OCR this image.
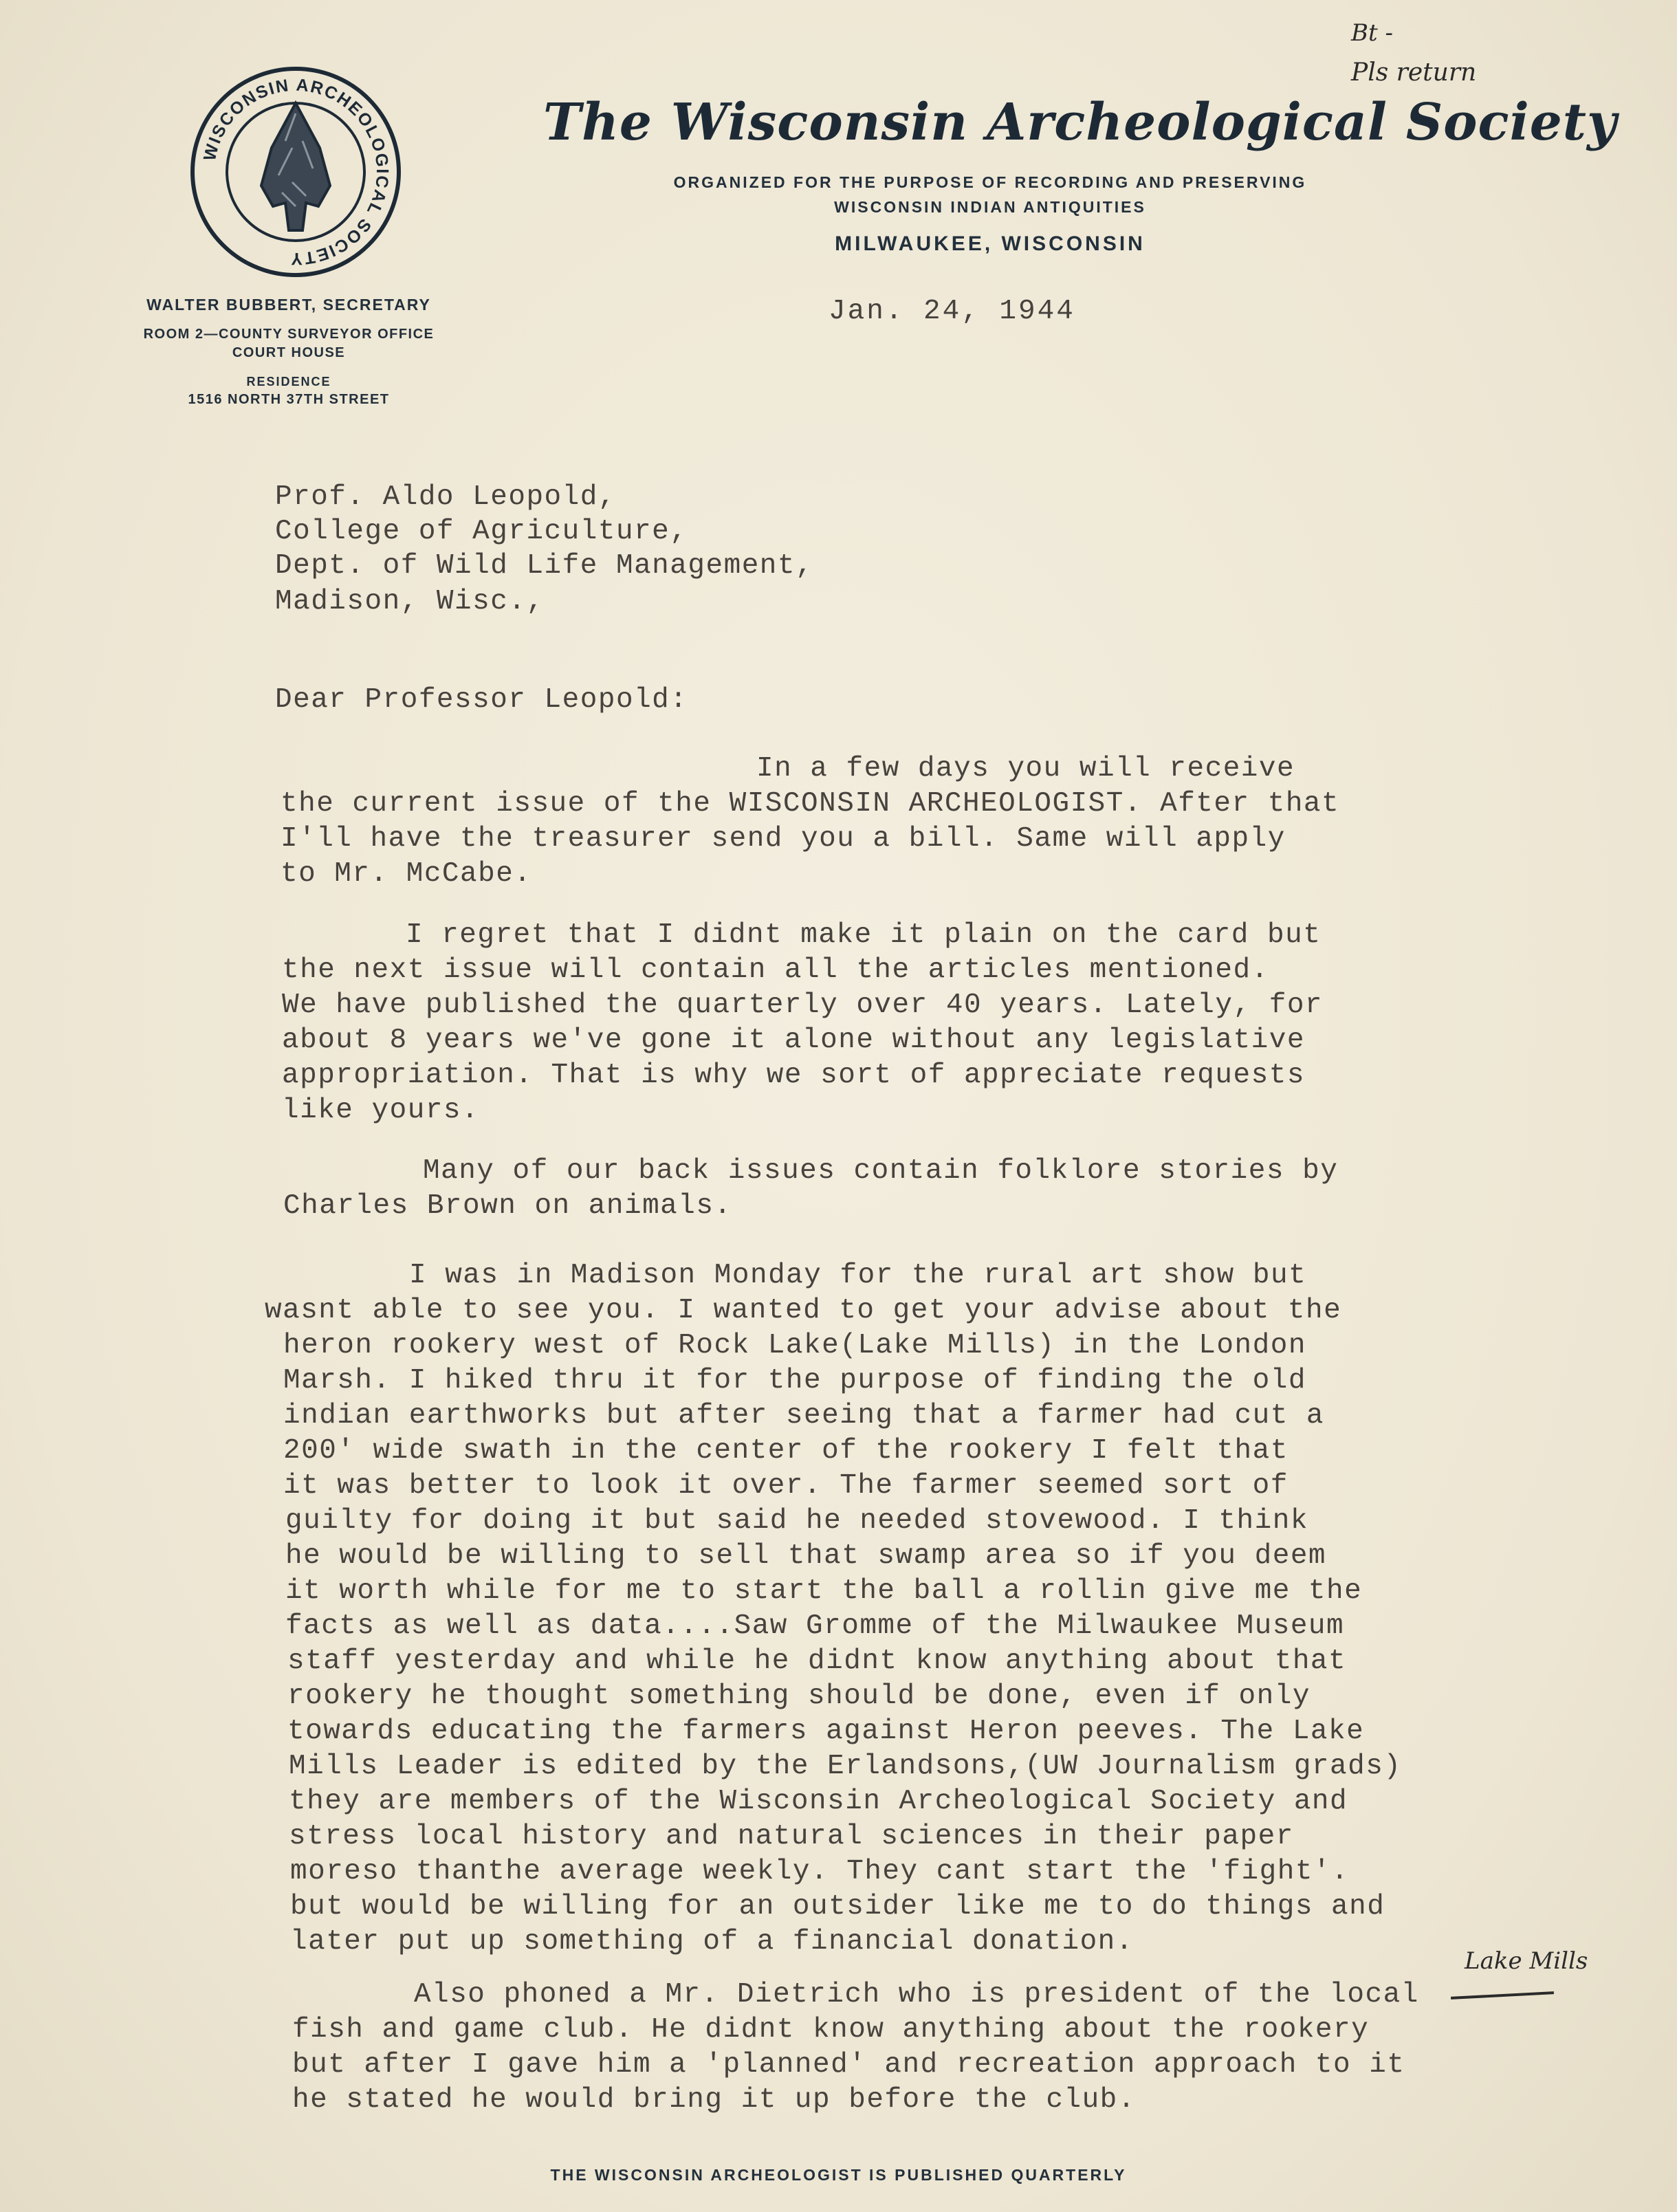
WISCONSIN ARCHEOLOGICAL SOCIETY
The Wisconsin Archeological Society
ORGANIZED FOR THE PURPOSE OF RECORDING AND PRESERVING
WISCONSIN INDIAN ANTIQUITIES
MILWAUKEE, WISCONSIN
WALTER BUBBERT, SECRETARY
ROOM 2—COUNTY SURVEYOR OFFICE
COURT HOUSE
RESIDENCE
1516 NORTH 37TH STREET
Bt -
Pls return
Jan. 24, 1944
Prof. Aldo Leopold,
College of Agriculture,
Dept. of Wild Life Management,
Madison, Wisc.,
Dear Professor Leopold:
In a few days you will receive
the current issue of the WISCONSIN ARCHEOLOGIST. After that
I'll have the treasurer send you a bill. Same will apply
to Mr. McCabe.
I regret that I didnt make it plain on the card but
the next issue will contain all the articles mentioned.
We have published the quarterly over 40 years. Lately, for
about 8 years we've gone it alone without any legislative
appropriation. That is why we sort of appreciate requests
like yours.
Many of our back issues contain folklore stories by
Charles Brown on animals.
I was in Madison Monday for the rural art show but
wasnt able to see you. I wanted to get your advise about the
heron rookery west of Rock Lake(Lake Mills) in the London
Marsh. I hiked thru it for the purpose of finding the old
indian earthworks but after seeing that a farmer had cut a
200' wide swath in the center of the rookery I felt that
it was better to look it over. The farmer seemed sort of
guilty for doing it but said he needed stovewood. I think
he would be willing to sell that swamp area so if you deem
it worth while for me to start the ball a rollin give me the
facts as well as data....Saw Gromme of the Milwaukee Museum
staff yesterday and while he didnt know anything about that
rookery he thought something should be done, even if only
towards educating the farmers against Heron peeves. The Lake
Mills Leader is edited by the Erlandsons,(UW Journalism grads)
they are members of the Wisconsin Archeological Society and
stress local history and natural sciences in their paper
moreso thanthe average weekly. They cant start the 'fight'.
but would be willing for an outsider like me to do things and
later put up something of a financial donation.
Lake Mills
Also phoned a Mr. Dietrich who is president of the local
fish and game club. He didnt know anything about the rookery
but after I gave him a 'planned' and recreation approach to it
he stated he would bring it up before the club.
THE WISCONSIN ARCHEOLOGIST IS PUBLISHED QUARTERLY
